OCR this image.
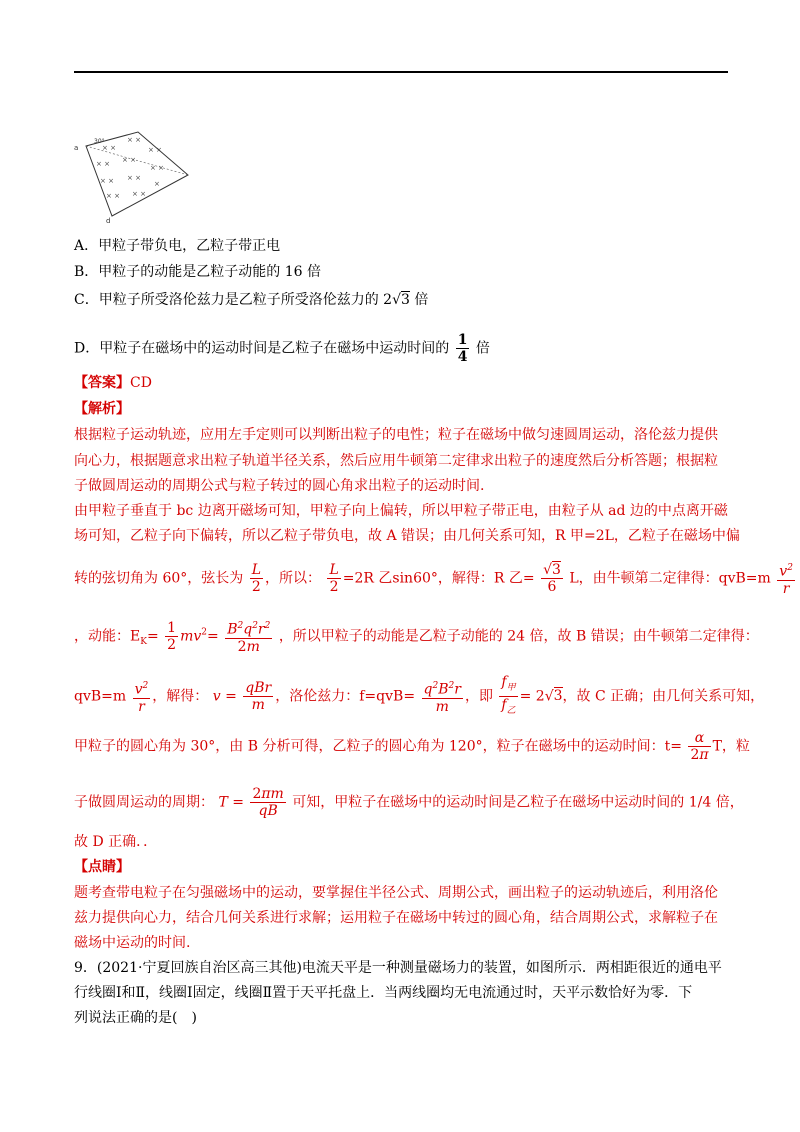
× ×
× ×
× ×
× × × ×
× ×
× × × ×
×
× × × ×
a
d
30°
A．甲粒子带负电，乙粒子带正电
B．甲粒子的动能是乙粒子动能的 16 倍
C．甲粒子所受洛伦兹力是乙粒子所受洛伦兹力的 2√3 倍
D．甲粒子在磁场中的运动时间是乙粒子在磁场中运动时间的 $\frac{1}{4}$ 倍
【答案】CD
【解析】
根据粒子运动轨迹，应用左手定则可以判断出粒子的电性；粒子在磁场中做匀速圆周运动，洛伦兹力提供
向心力，根据题意求出粒子轨道半径关系，然后应用牛顿第二定律求出粒子的速度然后分析答题；根据粒
子做圆周运动的周期公式与粒子转过的圆心角求出粒子的运动时间.
由甲粒子垂直于 bc 边离开磁场可知，甲粒子向上偏转，所以甲粒子带正电，由粒子从 ad 边的中点离开磁
场可知，乙粒子向下偏转，所以乙粒子带负电，故 A 错误；由几何关系可知，R 甲=2L，乙粒子在磁场中偏
转的弦切角为 60°，弦长为 $\frac{L}{2}$ ，所以： $\frac{L}{2} =2R$ 乙sin60°，解得：R 乙= $\frac{√3}{6}$ L，由牛顿第二定律得：$qvB=m \frac{v^2}{r}$
，动能：$E_K= \frac{1}{2} mv^2= \frac{B^2q^2r^2}{2m}$ ，所以甲粒子的动能是乙粒子动能的 24 倍，故 B 错误；由牛顿第二定律得：
$qvB=m \frac{v^2}{r}$ ，解得： $v = \frac{\text{qBr}}{m}$ ，洛伦兹力：$f=qvB= \frac{q^2B^2r}{m}$ ，即 $\frac{f_甲}{f_乙} = 2√3$，故 C 正确；由几何关系可知，
甲粒子的圆心角为 30°，由 B 分析可得，乙粒子的圆心角为 120°，粒子在磁场中的运动时间：$t= \frac{\alpha}{2\pi}$ T，粒
子做圆周运动的周期： $T = \frac{2\pi m}{qB}$ 可知，甲粒子在磁场中的运动时间是乙粒子在磁场中运动时间的 1/4 倍，
故 D 正确．．
【点睛】
题考查带电粒子在匀强磁场中的运动，要掌握住半径公式、周期公式，画出粒子的运动轨迹后，利用洛伦
兹力提供向心力，结合几何关系进行求解；运用粒子在磁场中转过的圆心角，结合周期公式，求解粒子在
磁场中运动的时间.
9．(2021·宁夏回族自治区高三其他)电流天平是一种测量磁场力的装置，如图所示．两相距很近的通电平
行线圈Ⅰ和Ⅱ，线圈Ⅰ固定，线圈Ⅱ置于天平托盘上．当两线圈均无电流通过时，天平示数恰好为零．下
列说法正确的是(　)
